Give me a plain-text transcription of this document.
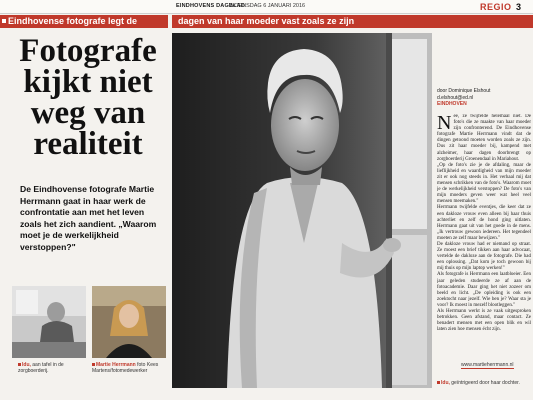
EINDHOVENS DAGBLAD
WOENSDAG 6 JANUARI 2016	REGIO 3
Eindhovense fotografe legt de	dagen van haar moeder vast zoals ze zijn
Fotografe kijkt niet weg van realiteit

De Eindhovense fotografe Martie Herrmann gaat in haar werk de confrontatie aan met het leven zoals het zich aandient. „Waarom moet je de werkelijkheid verstoppen?"

Idu, aan tafel in de zorgboerderij.
Martie Herrmann foto Kees Martens/fotomedewerker
door Dominique Elshout
d.elshout@ed.nl
EINDHOVEN

Nee, ze twijfelde helemaal niet. De foto's die ze maakte van haar moeder zijn confronterend. De Eindhovense fotografe Martie Herrmann vindt dat de dingen getoond moeten worden zoals ze zijn. Dus zit haar moeder bij, kampend met alzheimer, haar dagen doorbrengt op zorgboerderij Groenendaal in Mariahout.

„Op de foto's zie je de afdaling, maar de lieflijkheid en waardigheid van mijn moeder zit er ook nog steeds in. Het verhaal mij dat mensen schrikken van de foto's. Waarom moet je de werkelijkheid verstoppen? De foto's van mijn moeders geven weer wat heel veel mensen meemaken."

Herrmann twijfelde eventjes, die keer dat ze een dakloze vrouw even alleen bij haar thuis achterliet en zelf de hond ging uitlaten. Herrmann gaat uit van het goede in de mens. „Ik vertrouw gewoon iedereen. Het tegendeel moeten ze zelf maar bewijzen."

De dakloze vrouw had er niemand op straat. Ze moest een brief tikken aan haar advocaat, vertelde de dakloze aan de fotografe. Die had een oplossing. „Dat kom je toch gewoon bij mij thuis op mijn laptop werken!"

Als fotografe is Herrmann een laatbloeier. Een jaar geleden studeerde ze af aan de fotoacademie. Daar ging het niet zozeer om beeld en licht. „De opleiding is ook een zoektocht naar jezelf. Wie ben je? Waar sta je voor? Ik moest in mezelf blootleggen."

Als Herrmann werkt is ze vaak uitgesproken betrokken. Geen afstand, maar contact. Ze benadert mensen met een open blik en wil laten zien hoe mensen écht zijn.

www.martieherrmann.nl
Idu, geïntrigeerd door haar dochter.
